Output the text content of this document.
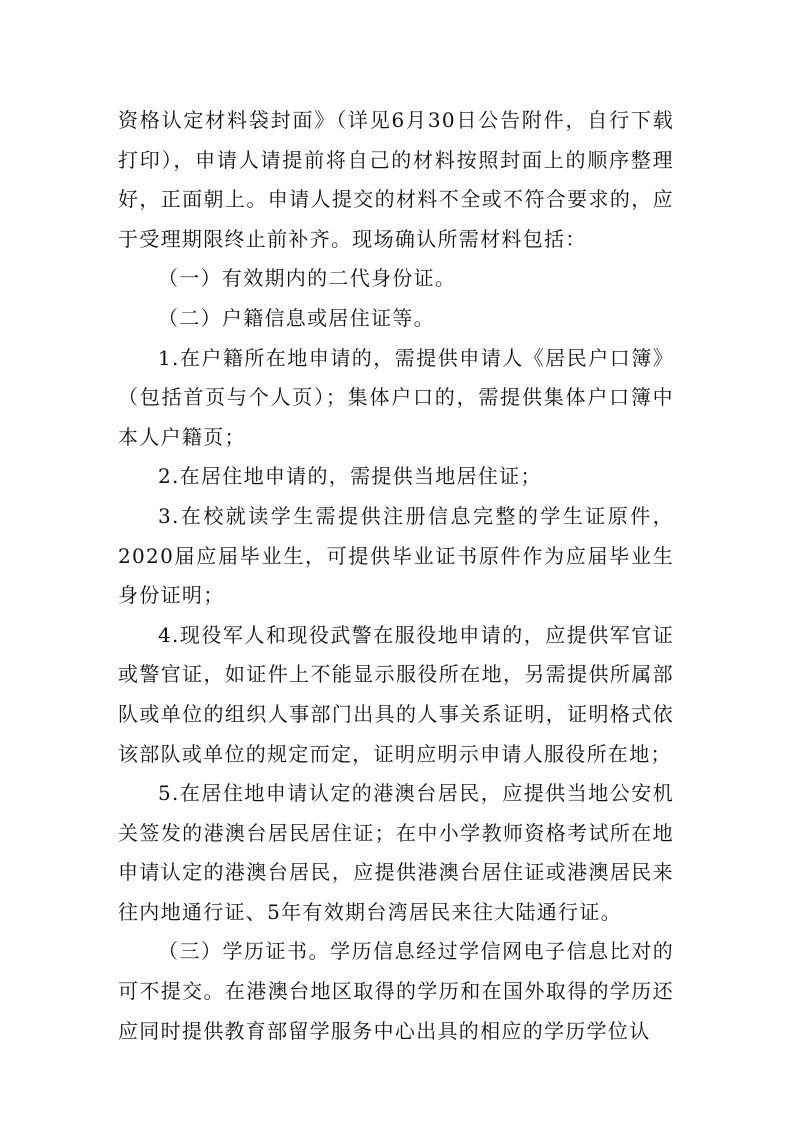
资格认定材料袋封面》（详见6月30日公告附件，自行下载打印），申请人请提前将自己的材料按照封面上的顺序整理好，正面朝上。申请人提交的材料不全或不符合要求的，应于受理期限终止前补齐。现场确认所需材料包括：

（一）有效期内的二代身份证。

（二）户籍信息或居住证等。

1.在户籍所在地申请的，需提供申请人《居民户口簿》（包括首页与个人页）；集体户口的，需提供集体户口簿中本人户籍页；

2.在居住地申请的，需提供当地居住证；

3.在校就读学生需提供注册信息完整的学生证原件，2020届应届毕业生，可提供毕业证书原件作为应届毕业生身份证明；

4.现役军人和现役武警在服役地申请的，应提供军官证或警官证，如证件上不能显示服役所在地，另需提供所属部队或单位的组织人事部门出具的人事关系证明，证明格式依该部队或单位的规定而定，证明应明示申请人服役所在地；

5.在居住地申请认定的港澳台居民，应提供当地公安机关签发的港澳台居民居住证；在中小学教师资格考试所在地申请认定的港澳台居民，应提供港澳台居住证或港澳居民来往内地通行证、5年有效期台湾居民来往大陆通行证。

（三）学历证书。学历信息经过学信网电子信息比对的可不提交。在港澳台地区取得的学历和在国外取得的学历还应同时提供教育部留学服务中心出具的相应的学历学位认
